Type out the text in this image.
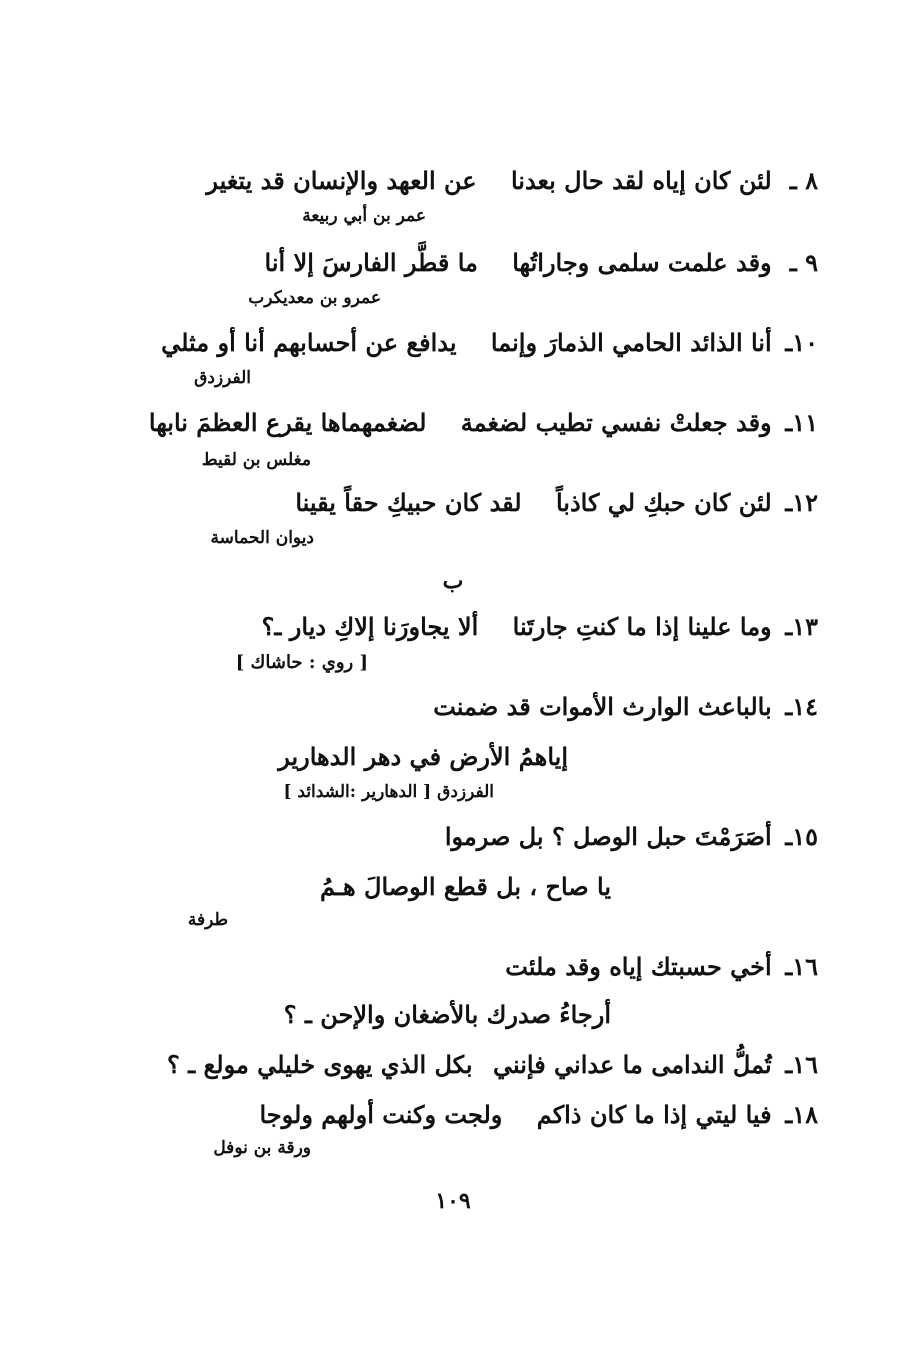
٨ ـ لئن كان إياه لقد حال بعدنا عن العهد والإنسان قد يتغير
عمر بن أبي ربيعة
٩ ـ وقد علمت سلمى وجاراتُها ما قطَّر الفارسَ إلا أنا
عمرو بن معديكرب
١٠ـ أنا الذائد الحامي الذمارَ وإنما يدافع عن أحسابهم أنا أو مثلي
الفرزدق
١١ـ وقد جعلتْ نفسي تطيب لضغمة لضغمهماها يقرع العظمَ نابها
مغلس بن لقيط
١٢ـ لئن كان حبكِ لي كاذباً لقد كان حبيكِ حقاً يقينا
ديوان الحماسة
ب
١٣ـ وما علينا إذا ما كنتِ جارتَنا ألا يجاورَنا إلاكِ ديار ـ؟
[ روي : حاشاك ]
١٤ـ بالباعث الوارث الأموات قد ضمنت
إياهمُ الأرض في دهر الدهارير
الفرزدق [ الدهارير :الشدائد ]
١٥ـ أصَرَمْتَ حبل الوصل ؟ بل صرموا
يا صاح ، بل قطع الوصالَ هـمُ
طرفة
١٦ـ أخي حسبتك إياه وقد ملئت
أرجاءُ صدرك بالأضغان والإحن ـ ؟
١٦ـ تُملُّ الندامى ما عداني فإنني بكل الذي يهوى خليلي مولع ـ ؟
١٨ـ فيا ليتي إذا ما كان ذاكم ولجت وكنت أولهم ولوجا
ورقة بن نوفل
١٠٩
